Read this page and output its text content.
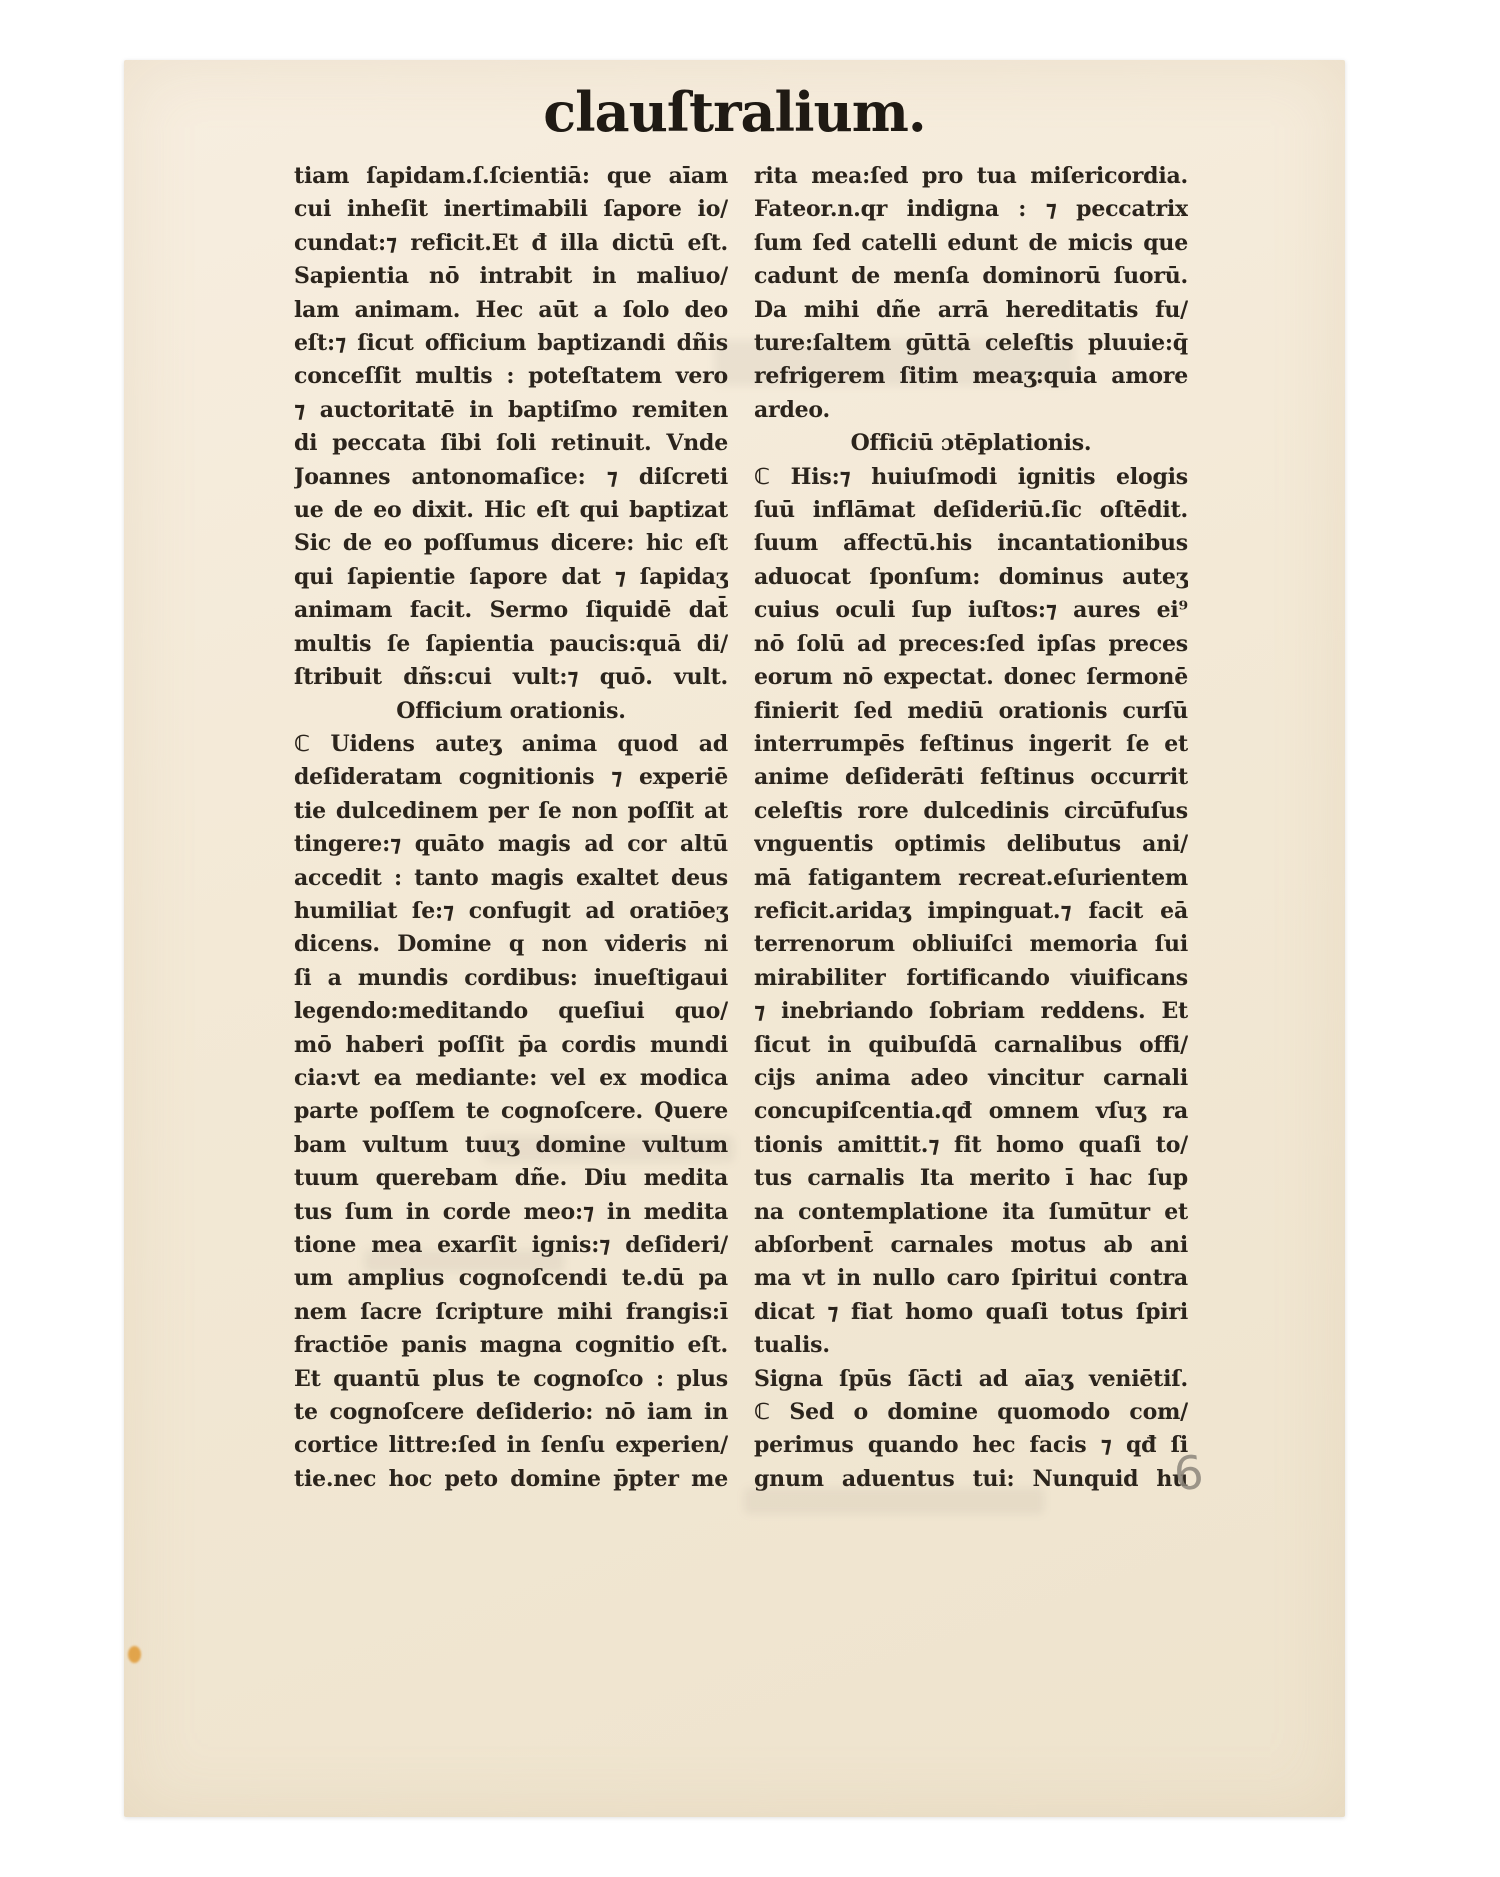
clauſtralium.
tiam ſapidam.ſ.ſcientiā: que aīam
cui inheſit inertimabili ſapore io/
cundat:⁊ reficit.Et đ illa dictū eſt.
Sapientia nō intrabit in maliuo/
lam animam. Hec aūt a ſolo deo
eſt:⁊ ſicut officium baptizandi dñis
conceſſit multis : poteſtatem vero
⁊ auctoritatē in baptiſmo remiten
di peccata ſibi ſoli retinuit. Vnde
Joannes antonomaſice: ⁊ diſcreti
ue de eo dixit. Hic eſt qui baptizat
Sic de eo poſſumus dicere: hic eſt
qui ſapientie ſapore dat ⁊ ſapidaʒ
animam facit. Sermo ſiquidē dat̄
multis ſe ſapientia paucis:quā di/
ſtribuit dñs:cui vult:⁊ quō. vult.
Officium orationis.
ℂ Uidens auteʒ anima quod ad
deſideratam cognitionis ⁊ experiē
tie dulcedinem per ſe non poſſit at
tingere:⁊ quāto magis ad cor altū
accedit : tanto magis exaltet deus
humiliat ſe:⁊ confugit ad oratiōeʒ
dicens. Domine q non videris ni
ſi a mundis cordibus: inueſtigaui
legendo:meditando queſiui quo/
mō haberi poſſit p̄a cordis mundi
cia:vt ea mediante: vel ex modica
parte poſſem te cognoſcere. Quere
bam vultum tuuʒ domine vultum
tuum querebam dñe. Diu medita
tus ſum in corde meo:⁊ in medita
tione mea exarſit ignis:⁊ deſideri/
um amplius cognoſcendi te.dū pa
nem ſacre ſcripture mihi frangis:ī
fractiōe panis magna cognitio eſt.
Et quantū plus te cognoſco : plus
te cognoſcere deſiderio: nō iam in
cortice littre:ſed in ſenſu experien/
tie.nec hoc peto domine p̄pter me
rita mea:ſed pro tua miſericordia.
Fateor.n.qr indigna : ⁊ peccatrix
ſum ſed catelli edunt de micis que
cadunt de menſa dominorū ſuorū.
Da mihi dñe arrā hereditatis fu/
ture:ſaltem gūttā celeſtis pluuie:q̄
refrigerem ſitim meaʒ:quia amore
ardeo.
Officiū ɔtēplationis.
ℂ His:⁊ huiuſmodi ignitis elogis
ſuū inflāmat deſideriū.ſic oſtēdit.
ſuum affectū.his incantationibus
aduocat ſponſum: dominus auteʒ
cuius oculi ſup iuſtos:⁊ aures ei⁹
nō ſolū ad preces:ſed ipſas preces
eorum nō expectat. donec ſermonē
finierit ſed mediū orationis curſū
interrumpēs feſtinus ingerit ſe et
anime deſiderāti feſtinus occurrit
celeſtis rore dulcedinis circūfuſus
vnguentis optimis delibutus ani/
mā fatigantem recreat.eſurientem
reficit.aridaʒ impinguat.⁊ facit eā
terrenorum obliuiſci memoria ſui
mirabiliter fortificando viuificans
⁊ inebriando ſobriam reddens. Et
ſicut in quibuſdā carnalibus offi/
cijs anima adeo vincitur carnali
concupiſcentia.qđ omnem vſuʒ ra
tionis amittit.⁊ fit homo quaſi to/
tus carnalis Ita merito ī hac ſup
na contemplatione ita ſumūtur et
abſorbent̄ carnales motus ab ani
ma vt in nullo caro ſpiritui contra
dicat ⁊ fiat homo quaſi totus ſpiri
tualis.
Signa ſpūs ſācti ad aīaʒ veniētiſ.
ℂ Sed o domine quomodo com/
perimus quando hec facis ⁊ qđ ſi
gnum aduentus tui: Nunquid hu
6
